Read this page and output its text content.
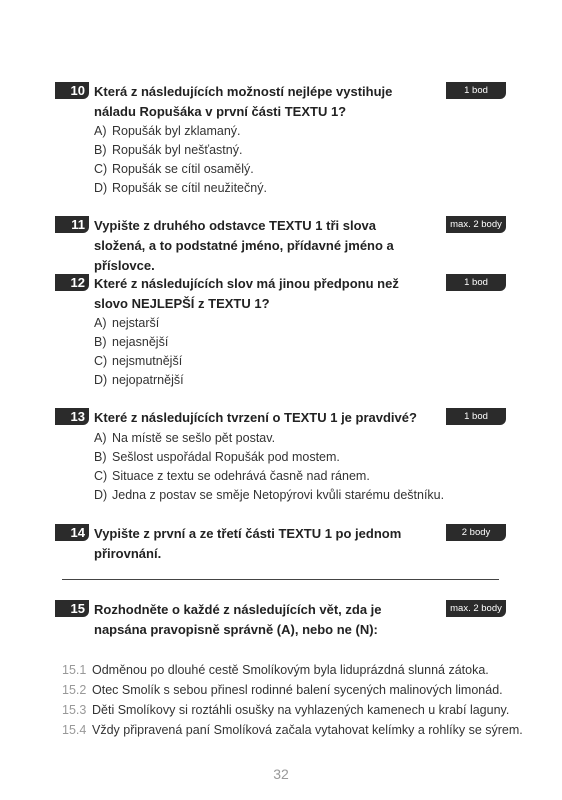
10	1 bod
Která z následujících možností nejlépe vystihuje náladu Ropušáka v první části TEXTU 1?
A) Ropušák byl zklamaný.
B) Ropušák byl nešťastný.
C) Ropušák se cítil osamělý.
D) Ropušák se cítil neužitečný.
11	max. 2 body
Vypište z druhého odstavce TEXTU 1 tři slova složená, a to podstatné jméno, přídavné jméno a příslovce.
12	1 bod
Které z následujících slov má jinou předponu než slovo NEJLEPŠÍ z TEXTU 1?
A) nejstarší
B) nejasnější
C) nejsmutnější
D) nejopatrnější
13	1 bod
Které z následujících tvrzení o TEXTU 1 je pravdivé?
A) Na místě se sešlo pět postav.
B) Sešlost uspořádal Ropušák pod mostem.
C) Situace z textu se odehrává časně nad ránem.
D) Jedna z postav se směje Netopýrovi kvůli starému deštníku.
14	2 body
Vypište z první a ze třetí části TEXTU 1 po jednom přirovnání.
15	max. 2 body
Rozhodněte o každé z následujících vět, zda je napsána pravopisně správně (A), nebo ne (N):
15.1 Odměnou po dlouhé cestě Smolíkovým byla liduprázdná slunná zátoka.
15.2 Otec Smolík s sebou přinesl rodinné balení sycených malinových limonád.
15.3 Děti Smolíkovy si roztáhli osušky na vyhlazených kamenech u krabí laguny.
15.4 Vždy připravená paní Smolíková začala vytahovat kelímky a rohlíky se sýrem.
32
